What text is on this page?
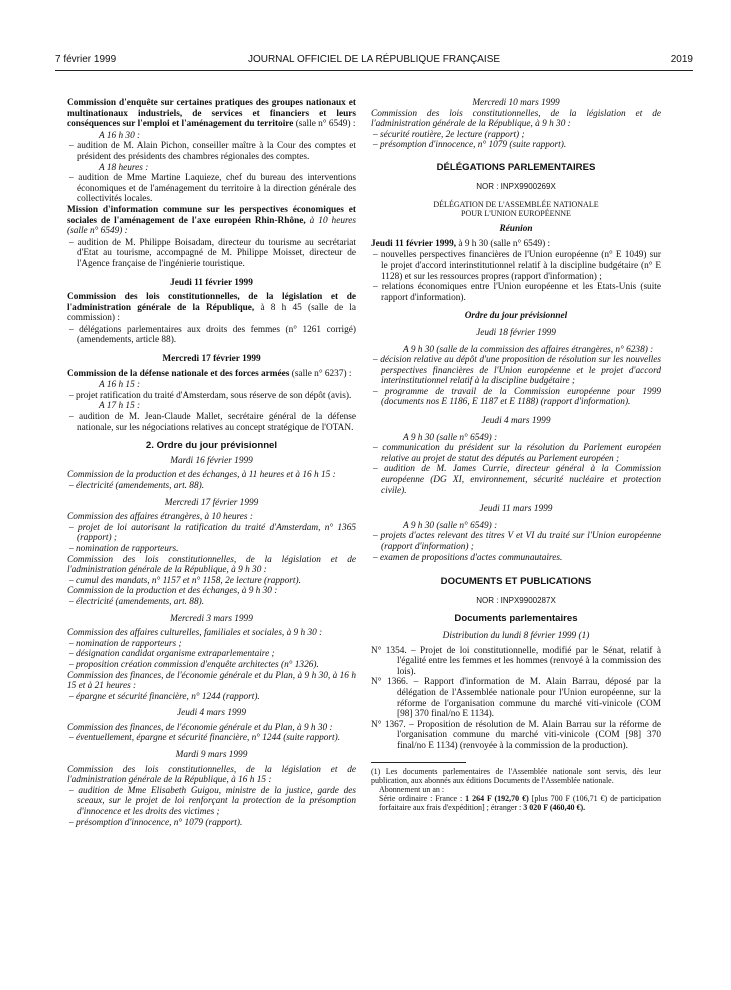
7 février 1999	JOURNAL OFFICIEL DE LA RÉPUBLIQUE FRANÇAISE	2019
Commission d'enquête sur certaines pratiques des groupes nationaux et multinationaux industriels, de services et financiers et leurs conséquences sur l'emploi et l'aménagement du territoire (salle n° 6549) :
A 16 h 30 :
– audition de M. Alain Pichon, conseiller maître à la Cour des comptes et président des présidents des chambres régionales des comptes.
A 18 heures :
– audition de Mme Martine Laquieze, chef du bureau des interventions économiques et de l'aménagement du territoire à la direction générale des collectivités locales.
Mission d'information commune sur les perspectives économiques et sociales de l'aménagement de l'axe européen Rhin-Rhône, à 10 heures (salle n° 6549) :
– audition de M. Philippe Boisadam, directeur du tourisme au secrétariat d'Etat au tourisme, accompagné de M. Philippe Moisset, directeur de l'Agence française de l'ingénierie touristique.
Jeudi 11 février 1999
Commission des lois constitutionnelles, de la législation et de l'administration générale de la République, à 8 h 45 (salle de la commission) :
– délégations parlementaires aux droits des femmes (n° 1261 corrigé) (amendements, article 88).
Mercredi 17 février 1999
Commission de la défense nationale et des forces armées (salle n° 6237) :
A 16 h 15 :
– projet ratification du traité d'Amsterdam, sous réserve de son dépôt (avis).
A 17 h 15 :
– audition de M. Jean-Claude Mallet, secrétaire général de la défense nationale, sur les négociations relatives au concept stratégique de l'OTAN.
2. Ordre du jour prévisionnel
Mardi 16 février 1999
Commission de la production et des échanges, à 11 heures et à 16 h 15 :
– électricité (amendements, art. 88).
Mercredi 17 février 1999
Commission des affaires étrangères, à 10 heures :
– projet de loi autorisant la ratification du traité d'Amsterdam, n° 1365 (rapport) ;
– nomination de rapporteurs.
Commission des lois constitutionnelles, de la législation et de l'administration générale de la République, à 9 h 30 :
– cumul des mandats, n° 1157 et n° 1158, 2e lecture (rapport).
Commission de la production et des échanges, à 9 h 30 :
– électricité (amendements, art. 88).
Mercredi 3 mars 1999
Commission des affaires culturelles, familiales et sociales, à 9 h 30 :
– nomination de rapporteurs ;
– désignation candidat organisme extraparlementaire ;
– proposition création commission d'enquête architectes (n° 1326).
Commission des finances, de l'économie générale et du Plan, à 9 h 30, à 16 h 15 et à 21 heures :
– épargne et sécurité financière, n° 1244 (rapport).
Jeudi 4 mars 1999
Commission des finances, de l'économie générale et du Plan, à 9 h 30 :
– éventuellement, épargne et sécurité financière, n° 1244 (suite rapport).
Mardi 9 mars 1999
Commission des lois constitutionnelles, de la législation et de l'administration générale de la République, à 16 h 15 :
– audition de Mme Elisabeth Guigou, ministre de la justice, garde des sceaux, sur le projet de loi renforçant la protection de la présomption d'innocence et les droits des victimes ;
– présomption d'innocence, n° 1079 (rapport).
Mercredi 10 mars 1999
Commission des lois constitutionnelles, de la législation et de l'administration générale de la République, à 9 h 30 :
– sécurité routière, 2e lecture (rapport) ;
– présomption d'innocence, n° 1079 (suite rapport).
DÉLÉGATIONS PARLEMENTAIRES
NOR : INPX9900269X
DÉLÉGATION DE L'ASSEMBLÉE NATIONALE
POUR L'UNION EUROPÉENNE
Réunion
Jeudi 11 février 1999, à 9 h 30 (salle n° 6549) :
– nouvelles perspectives financières de l'Union européenne (n° E 1049) sur le projet d'accord interinstitutionnel relatif à la discipline budgétaire (n° E 1128) et sur les ressources propres (rapport d'information) ;
– relations économiques entre l'Union européenne et les Etats-Unis (suite rapport d'information).
Ordre du jour prévisionnel
Jeudi 18 février 1999
A 9 h 30 (salle de la commission des affaires étrangères, n° 6238) :
– décision relative au dépôt d'une proposition de résolution sur les nouvelles perspectives financières de l'Union européenne et le projet d'accord interinstitutionnel relatif à la discipline budgétaire ;
– programme de travail de la Commission européenne pour 1999 (documents nos E 1186, E 1187 et E 1188) (rapport d'information).
Jeudi 4 mars 1999
A 9 h 30 (salle n° 6549) :
– communication du président sur la résolution du Parlement européen relative au projet de statut des députés au Parlement européen ;
– audition de M. James Currie, directeur général à la Commission européenne (DG XI, environnement, sécurité nucléaire et protection civile).
Jeudi 11 mars 1999
A 9 h 30 (salle n° 6549) :
– projets d'actes relevant des titres V et VI du traité sur l'Union européenne (rapport d'information) ;
– examen de propositions d'actes communautaires.
DOCUMENTS ET PUBLICATIONS
NOR : INPX9900287X
Documents parlementaires
Distribution du lundi 8 février 1999 (1)
N° 1354. – Projet de loi constitutionnelle, modifié par le Sénat, relatif à l'égalité entre les femmes et les hommes (renvoyé à la commission des lois).
N° 1366. – Rapport d'information de M. Alain Barrau, déposé par la délégation de l'Assemblée nationale pour l'Union européenne, sur la réforme de l'organisation commune du marché viti-vinicole (COM [98] 370 final/no E 1134).
N° 1367. – Proposition de résolution de M. Alain Barrau sur la réforme de l'organisation commune du marché viti-vinicole (COM [98] 370 final/no E 1134) (renvoyée à la commission de la production).
(1) Les documents parlementaires de l'Assemblée nationale sont servis, dès leur publication, aux abonnés aux éditions Documents de l'Assemblée nationale.
Abonnement un an :
Série ordinaire : France : 1 264 F (192,70 €) [plus 700 F (106,71 €) de participation forfaitaire aux frais d'expédition] ; étranger : 3 020 F (460,40 €).
